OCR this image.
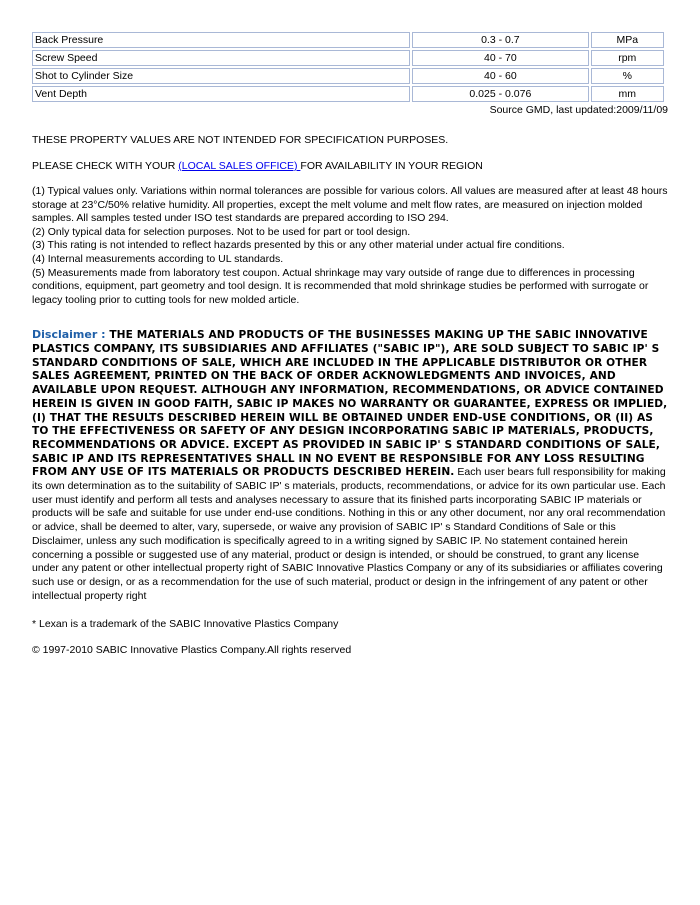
Back Pressure	0.3 - 0.7	MPa
Screw Speed	40 - 70	rpm
Shot to Cylinder Size	40 - 60	%
Vent Depth	0.025 - 0.076	mm

Source GMD, last updated:2009/11/09

THESE PROPERTY VALUES ARE NOT INTENDED FOR SPECIFICATION PURPOSES.

PLEASE CHECK WITH YOUR (LOCAL SALES OFFICE) FOR AVAILABILITY IN YOUR REGION

(1) Typical values only. Variations within normal tolerances are possible for various colors. All values are measured after at least 48 hours storage at 23°C/50% relative humidity. All properties, except the melt volume and melt flow rates, are measured on injection molded samples. All samples tested under ISO test standards are prepared according to ISO 294.

(2) Only typical data for selection purposes. Not to be used for part or tool design.

(3) This rating is not intended to reflect hazards presented by this or any other material under actual fire conditions.

(4) Internal measurements according to UL standards.

(5) Measurements made from laboratory test coupon. Actual shrinkage may vary outside of range due to differences in processing conditions, equipment, part geometry and tool design. It is recommended that mold shrinkage studies be performed with surrogate or legacy tooling prior to cutting tools for new molded article.

Disclaimer : THE MATERIALS AND PRODUCTS OF THE BUSINESSES MAKING UP THE SABIC INNOVATIVE PLASTICS COMPANY, ITS SUBSIDIARIES AND AFFILIATES ("SABIC IP"), ARE SOLD SUBJECT TO SABIC IP' S STANDARD CONDITIONS OF SALE, WHICH ARE INCLUDED IN THE APPLICABLE DISTRIBUTOR OR OTHER SALES AGREEMENT, PRINTED ON THE BACK OF ORDER ACKNOWLEDGMENTS AND INVOICES, AND AVAILABLE UPON REQUEST. ALTHOUGH ANY INFORMATION, RECOMMENDATIONS, OR ADVICE CONTAINED HEREIN IS GIVEN IN GOOD FAITH, SABIC IP MAKES NO WARRANTY OR GUARANTEE, EXPRESS OR IMPLIED, (I) THAT THE RESULTS DESCRIBED HEREIN WILL BE OBTAINED UNDER END-USE CONDITIONS, OR (II) AS TO THE EFFECTIVENESS OR SAFETY OF ANY DESIGN INCORPORATING SABIC IP MATERIALS, PRODUCTS, RECOMMENDATIONS OR ADVICE. EXCEPT AS PROVIDED IN SABIC IP' S STANDARD CONDITIONS OF SALE, SABIC IP AND ITS REPRESENTATIVES SHALL IN NO EVENT BE RESPONSIBLE FOR ANY LOSS RESULTING FROM ANY USE OF ITS MATERIALS OR PRODUCTS DESCRIBED HEREIN. Each user bears full responsibility for making its own determination as to the suitability of SABIC IP' s materials, products, recommendations, or advice for its own particular use. Each user must identify and perform all tests and analyses necessary to assure that its finished parts incorporating SABIC IP materials or products will be safe and suitable for use under end-use conditions. Nothing in this or any other document, nor any oral recommendation or advice, shall be deemed to alter, vary, supersede, or waive any provision of SABIC IP' s Standard Conditions of Sale or this Disclaimer, unless any such modification is specifically agreed to in a writing signed by SABIC IP. No statement contained herein concerning a possible or suggested use of any material, product or design is intended, or should be construed, to grant any license under any patent or other intellectual property right of SABIC Innovative Plastics Company or any of its subsidiaries or affiliates covering such use or design, or as a recommendation for the use of such material, product or design in the infringement of any patent or other intellectual property right

* Lexan is a trademark of the SABIC Innovative Plastics Company

© 1997-2010 SABIC Innovative Plastics Company.All rights reserved
